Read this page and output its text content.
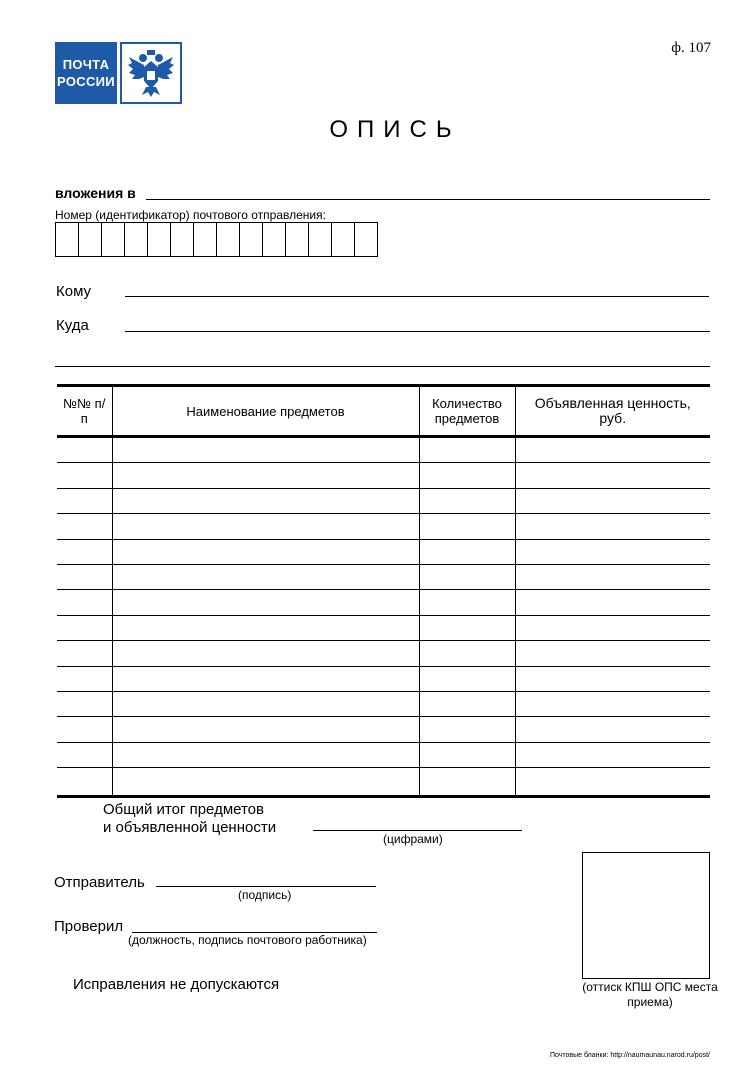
ПОЧТА
РОССИИ
ф. 107
ОПИСЬ
вложения в
Номер (идентификатор) почтового отправления:
Кому
Куда
№№ п/п	Наименование предметов	Количество предметов	Объявленная ценность, руб.

Общий итог предметов
и объявленной ценности
(цифрами)
Отправитель
(подпись)
Проверил
(должность, подпись почтового работника)
Исправления не допускаются	(оттиск КПШ ОПС места приема)
Почтовые бланки: http://naumaunau.narod.ru/post/
